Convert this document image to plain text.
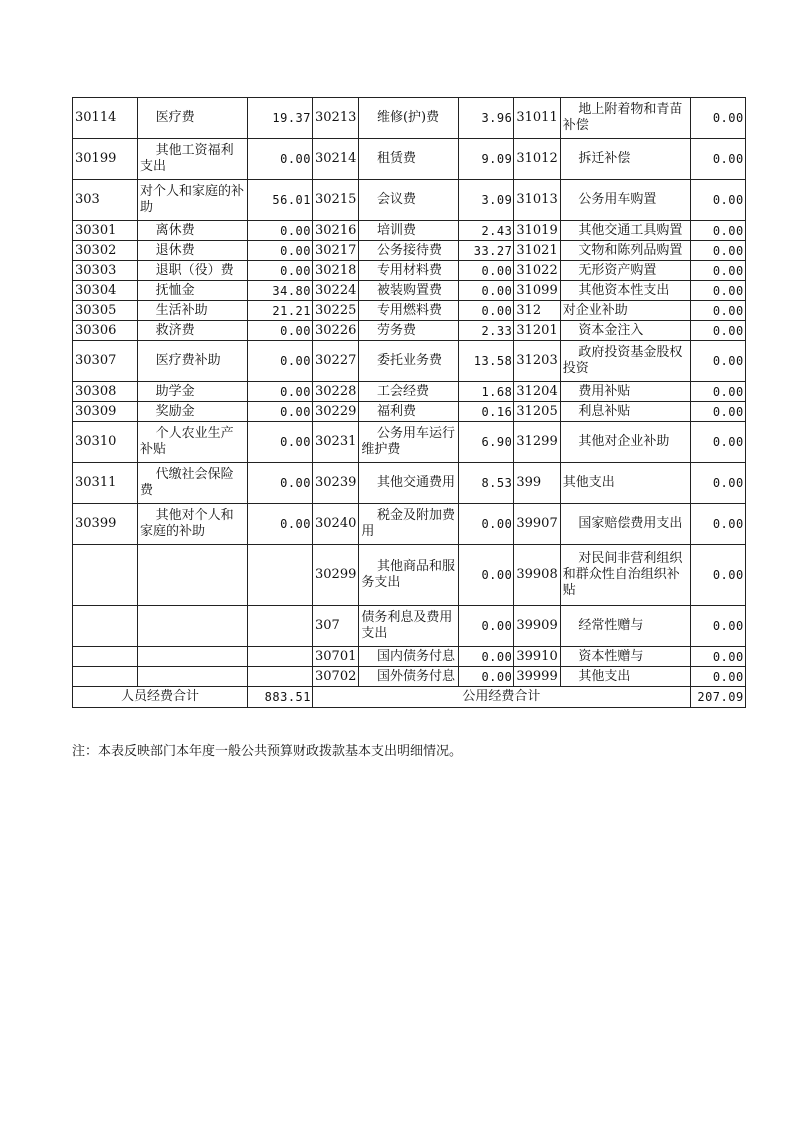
30114	医疗费	19.37	30213	维修(护)费	3.96	31011	地上附着物和青苗补偿	0.00
30199	其他工资福利支出	0.00	30214	租赁费	9.09	31012	拆迁补偿	0.00
303	对个人和家庭的补助	56.01	30215	会议费	3.09	31013	公务用车购置	0.00
30301	离休费	0.00	30216	培训费	2.43	31019	其他交通工具购置	0.00
30302	退休费	0.00	30217	公务接待费	33.27	31021	文物和陈列品购置	0.00
30303	退职（役）费	0.00	30218	专用材料费	0.00	31022	无形资产购置	0.00
30304	抚恤金	34.80	30224	被装购置费	0.00	31099	其他资本性支出	0.00
30305	生活补助	21.21	30225	专用燃料费	0.00	312	对企业补助	0.00
30306	救济费	0.00	30226	劳务费	2.33	31201	资本金注入	0.00
30307	医疗费补助	0.00	30227	委托业务费	13.58	31203	政府投资基金股权投资	0.00
30308	助学金	0.00	30228	工会经费	1.68	31204	费用补贴	0.00
30309	奖励金	0.00	30229	福利费	0.16	31205	利息补贴	0.00
30310	个人农业生产补贴	0.00	30231	公务用车运行维护费	6.90	31299	其他对企业补助	0.00
30311	代缴社会保险费	0.00	30239	其他交通费用	8.53	399	其他支出	0.00
30399	其他对个人和家庭的补助	0.00	30240	税金及附加费用	0.00	39907	国家赔偿费用支出	0.00
			30299	其他商品和服务支出	0.00	39908	对民间非营利组织和群众性自治组织补贴	0.00
			307	债务利息及费用支出	0.00	39909	经常性赠与	0.00
			30701	国内债务付息	0.00	39910	资本性赠与	0.00
			30702	国外债务付息	0.00	39999	其他支出	0.00
人员经费合计		883.51	公用经费合计					207.09
注：本表反映部门本年度一般公共预算财政拨款基本支出明细情况。
